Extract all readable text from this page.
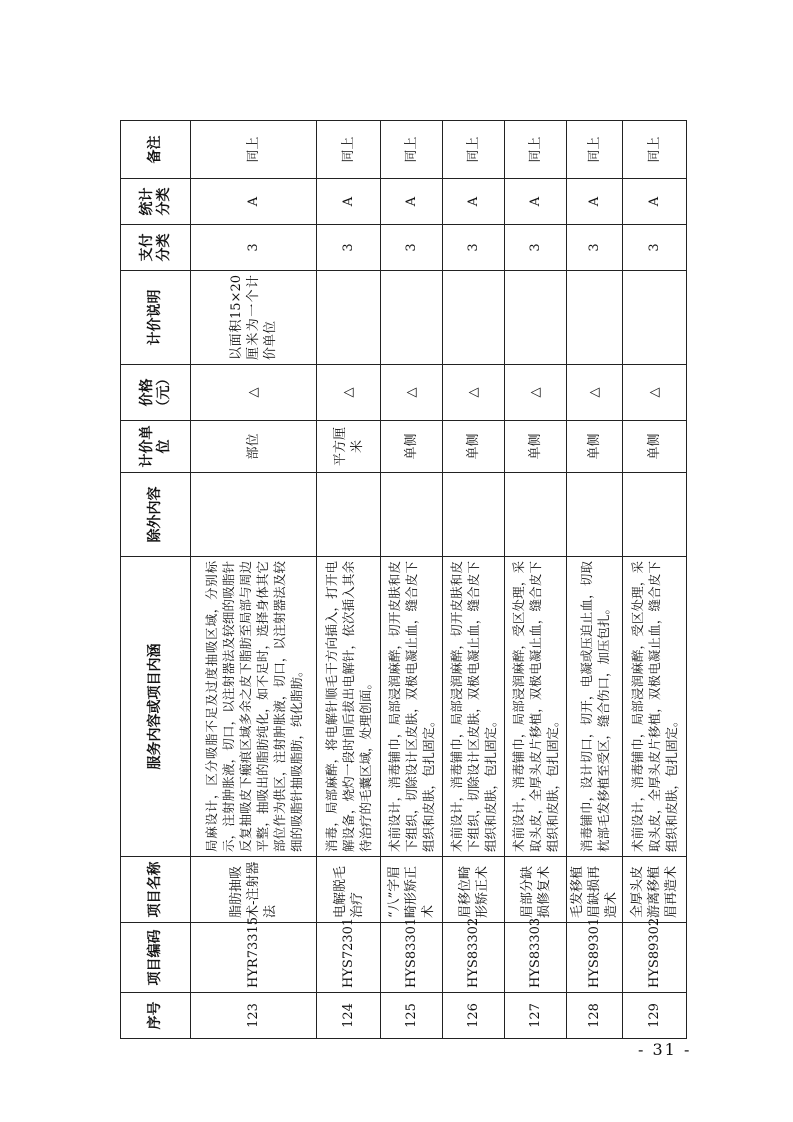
序号	项目编码	项目名称	服务内容或项目内涵	除外内容	计价单位	价格（元）	计价说明	支付分类	统计分类	备注
123	HYR73315	脂肪抽吸术-注射器法	局麻设计，区分吸脂不足及过度抽吸区域，分别标示，注射肿胀液，切口，以注射器法及较细的吸脂针反复抽吸皮下瘢痕区域多余之皮下脂肪至局部与周边平整，抽吸出的脂肪纯化，如不足时，选择身体其它部位作为供区，注射肿胀液，切口，以注射器法及较细的吸脂针抽吸脂肪，纯化脂肪。		部位	△	以面积15×20厘米为一个计价单位	3	A	同上
124	HYS72301	电解脱毛治疗	消毒，局部麻醉，将电解针顺毛干方向插入，打开电解设备，烧灼一段时间后拔出电解针，依次插入其余待治疗的毛囊区域，处理创面。		平方厘米	△		3	A	同上
125	HYS83301	“八”字眉畸形矫正术	术前设计，消毒铺巾，局部浸润麻醉，切开皮肤和皮下组织，切除设计区皮肤，双极电凝止血，缝合皮下组织和皮肤，包扎固定。		单侧	△		3	A	同上
126	HYS83302	眉移位畸形矫正术	术前设计，消毒铺巾，局部浸润麻醉，切开皮肤和皮下组织，切除设计区皮肤，双极电凝止血，缝合皮下组织和皮肤，包扎固定。		单侧	△		3	A	同上
127	HYS83303	眉部分缺损修复术	术前设计，消毒铺巾，局部浸润麻醉，受区处理，采取头皮，全厚头皮片移植，双极电凝止血，缝合皮下组织和皮肤，包扎固定。		单侧	△		3	A	同上
128	HYS89301	毛发移植眉缺损再造术	消毒铺巾，设计切口，切开，电凝或压迫止血，切取枕部毛发移植至受区，缝合伤口，加压包扎。		单侧	△		3	A	同上
129	HYS89302	全厚头皮游离移植眉再造术	术前设计，消毒铺巾，局部浸润麻醉，受区处理，采取头皮，全厚头皮片移植，双极电凝止血，缝合皮下组织和皮肤，包扎固定。		单侧	△		3	A	同上
- 31 -
